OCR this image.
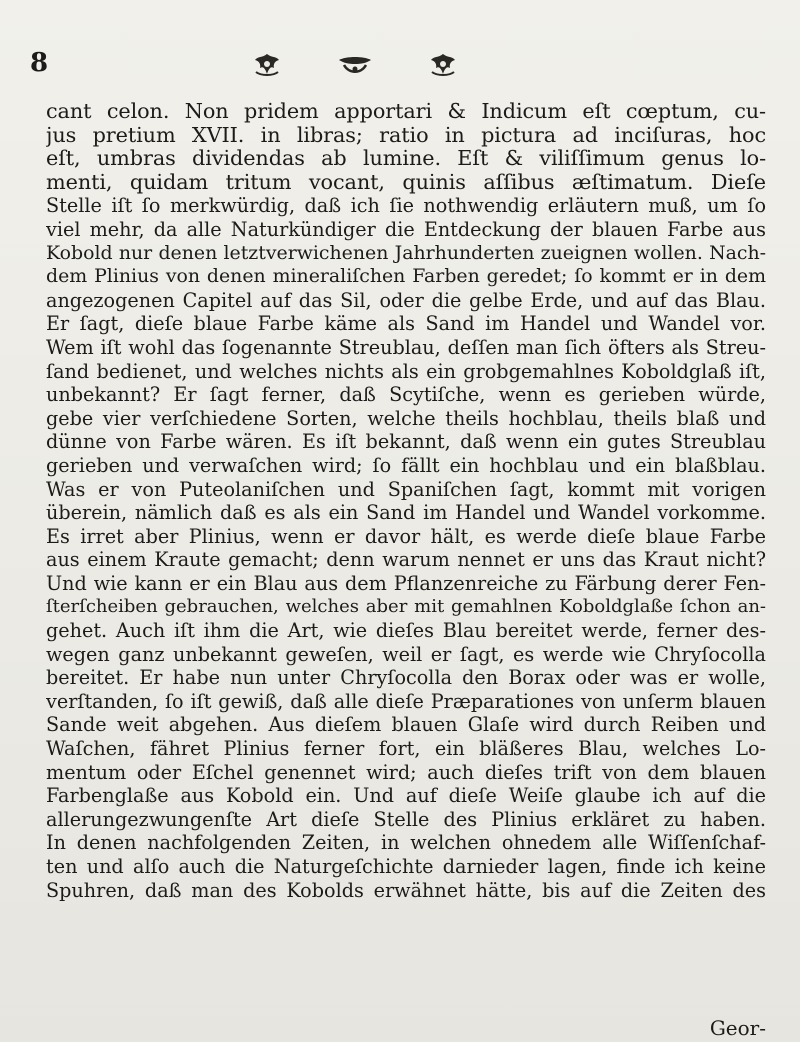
8
cant celon. Non pridem apportari & Indicum eſt cœptum, cu-
jus pretium XVII. in libras; ratio in pictura ad inciſuras, hoc
eſt, umbras dividendas ab lumine. Eſt & viliſſimum genus lo-
menti, quidam tritum vocant, quinis aſſibus æſtimatum. Dieſe
Stelle iſt ſo merkwürdig, daß ich ſie nothwendig erläutern muß, um ſo
viel mehr, da alle Naturkündiger die Entdeckung der blauen Farbe aus
Kobold nur denen letztverwichenen Jahrhunderten zueignen wollen. Nach-
dem Plinius von denen mineraliſchen Farben geredet; ſo kommt er in dem
angezogenen Capitel auf das Sil, oder die gelbe Erde, und auf das Blau.
Er ſagt, dieſe blaue Farbe käme als Sand im Handel und Wandel vor.
Wem iſt wohl das ſogenannte Streublau, deſſen man ſich öfters als Streu-
ſand bedienet, und welches nichts als ein grobgemahlnes Koboldglaß iſt,
unbekannt? Er ſagt ferner, daß Scytiſche, wenn es gerieben würde,
gebe vier verſchiedene Sorten, welche theils hochblau, theils blaß und
dünne von Farbe wären. Es iſt bekannt, daß wenn ein gutes Streublau
gerieben und verwaſchen wird; ſo fällt ein hochblau und ein blaßblau.
Was er von Puteolaniſchen und Spaniſchen ſagt, kommt mit vorigen
überein, nämlich daß es als ein Sand im Handel und Wandel vorkomme.
Es irret aber Plinius, wenn er davor hält, es werde dieſe blaue Farbe
aus einem Kraute gemacht; denn warum nennet er uns das Kraut nicht?
Und wie kann er ein Blau aus dem Pflanzenreiche zu Färbung derer Fen-
ſterſcheiben gebrauchen, welches aber mit gemahlnen Koboldglaße ſchon an-
gehet. Auch iſt ihm die Art, wie dieſes Blau bereitet werde, ferner des-
wegen ganz unbekannt geweſen, weil er ſagt, es werde wie Chryſocolla
bereitet. Er habe nun unter Chryſocolla den Borax oder was er wolle,
verſtanden, ſo iſt gewiß, daß alle dieſe Præparationes von unſerm blauen
Sande weit abgehen. Aus dieſem blauen Glaſe wird durch Reiben und
Waſchen, fähret Plinius ferner fort, ein bläßeres Blau, welches Lo-
mentum oder Eſchel genennet wird; auch dieſes trift von dem blauen
Farbenglaße aus Kobold ein. Und auf dieſe Weiſe glaube ich auf die
allerungezwungenſte Art dieſe Stelle des Plinius erkläret zu haben.
In denen nachfolgenden Zeiten, in welchen ohnedem alle Wiſſenſchaf-
ten und alſo auch die Naturgeſchichte darnieder lagen, finde ich keine
Spuhren, daß man des Kobolds erwähnet hätte, bis auf die Zeiten des
Geor-
